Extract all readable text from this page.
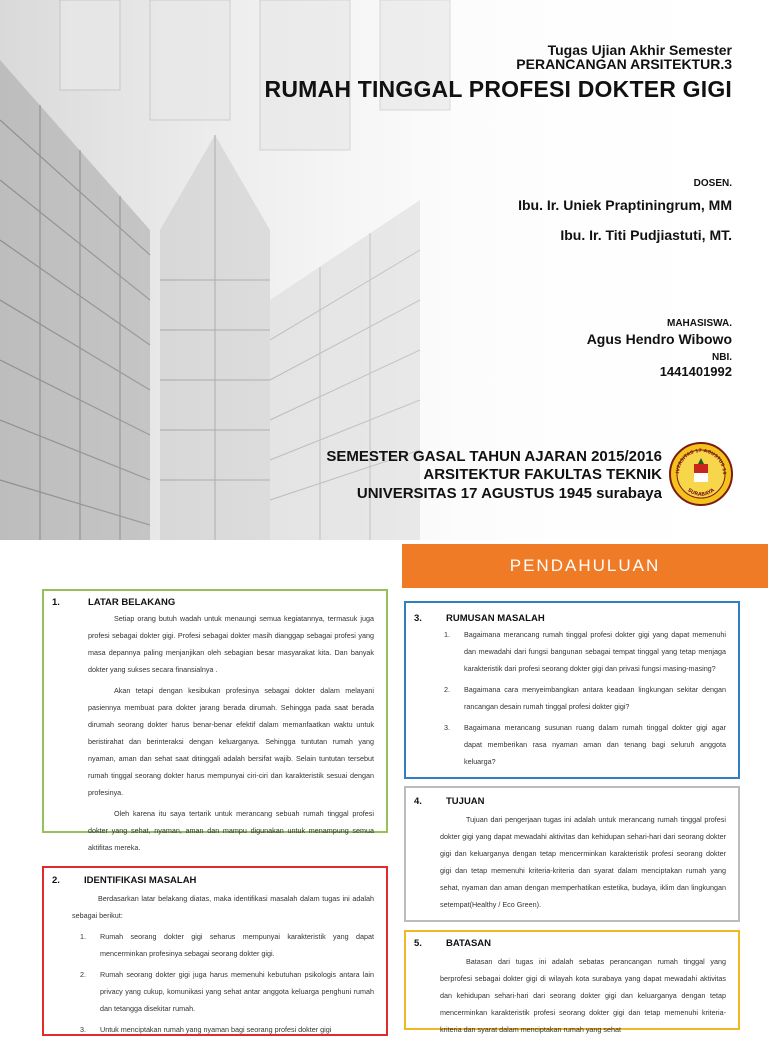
Tugas Ujian Akhir Semester
PERANCANGAN ARSITEKTUR.3
RUMAH TINGGAL PROFESI DOKTER GIGI
DOSEN.
Ibu. Ir. Uniek Praptiningrum, MM
Ibu. Ir. Titi Pudjiastuti, MT.
MAHASISWA.
Agus Hendro Wibowo
NBI.
1441401992
SEMESTER GASAL TAHUN AJARAN 2015/2016
ARSITEKTUR FAKULTAS TEKNIK
UNIVERSITAS 17 AGUSTUS 1945 surabaya
IVERSITAS 17 AGUSTUS 19
SURABAYA
PENDAHULUAN
1.	LATAR BELAKANG

Setiap orang butuh wadah untuk menaungi semua kegiatannya, termasuk juga profesi sebagai dokter gigi. Profesi sebagai dokter masih dianggap sebagai profesi yang masa depannya paling menjanjikan oleh sebagian besar masyarakat kita. Dan banyak dokter yang sukses secara finansialnya .

Akan tetapi dengan kesibukan profesinya sebagai dokter dalam melayani pasiennya membuat para dokter jarang berada dirumah. Sehingga pada saat berada dirumah seorang dokter harus benar-benar efektif dalam memanfaatkan waktu untuk beristirahat dan berinteraksi dengan keluarganya. Sehingga tuntutan rumah yang nyaman, aman dan sehat saat ditinggali adalah bersifat wajib. Selain tuntutan tersebut rumah tinggal seorang dokter harus mempunyai ciri-ciri dan karakteristik sesuai dengan profesinya.

Oleh karena itu saya tertarik untuk merancang sebuah rumah tinggal profesi dokter yang sehat, nyaman, aman dan mampu digunakan untuk menampung semua aktifitas mereka.

2.	IDENTIFIKASI MASALAH

Berdasarkan latar belakang diatas, maka identifikasi masalah dalam tugas ini adalah sebagai berikut:

1.	Rumah seorang dokter gigi seharus mempunyai karakteristik yang dapat mencerminkan profesinya sebagai seorang dokter gigi.
2.	Rumah seorang dokter gigi juga harus memenuhi kebutuhan psikologis antara lain privacy yang cukup, komunikasi yang sehat antar anggota keluarga penghuni rumah dan tetangga disekitar rumah.
3.	Untuk menciptakan rumah yang nyaman bagi seorang profesi dokter gigi
3.	RUMUSAN MASALAH
1.	Bagaimana merancang rumah tinggal profesi dokter gigi yang dapat memenuhi dan mewadahi dari fungsi bangunan sebagai tempat tinggal yang tetap menjaga karakteristik dari profesi seorang dokter gigi dan privasi fungsi masing-masing?
2.	Bagaimana cara menyeimbangkan antara keadaan lingkungan sekitar dengan rancangan desain rumah tinggal profesi dokter gigi?
3.	Bagaimana merancang susunan ruang dalam rumah tinggal dokter gigi agar dapat memberikan rasa nyaman aman dan tenang bagi seluruh anggota keluarga?
4.	TUJUAN

Tujuan dari pengerjaan tugas ini adalah untuk merancang rumah tinggal profesi dokter gigi yang dapat mewadahi aktivitas dan kehidupan sehari-hari dari seorang dokter gigi dan keluarganya dengan tetap mencerminkan karakteristik profesi seorang dokter gigi dan tetap memenuhi kriteria-kriteria dan syarat dalam menciptakan rumah yang sehat, nyaman dan aman dengan memperhatikan estetika, budaya, iklim dan lingkungan setempat(Healthy / Eco Green).

5.	BATASAN

Batasan dari tugas ini adalah sebatas perancangan rumah tinggal yang berprofesi sebagai dokter gigi di wilayah kota surabaya yang dapat mewadahi aktivitas dan kehidupan sehari-hari dari seorang dokter gigi dan keluarganya dengan tetap mencerminkan karakteristik profesi seorang dokter gigi dan tetap memenuhi kriteria-kriteria dan syarat dalam menciptakan rumah yang sehat
